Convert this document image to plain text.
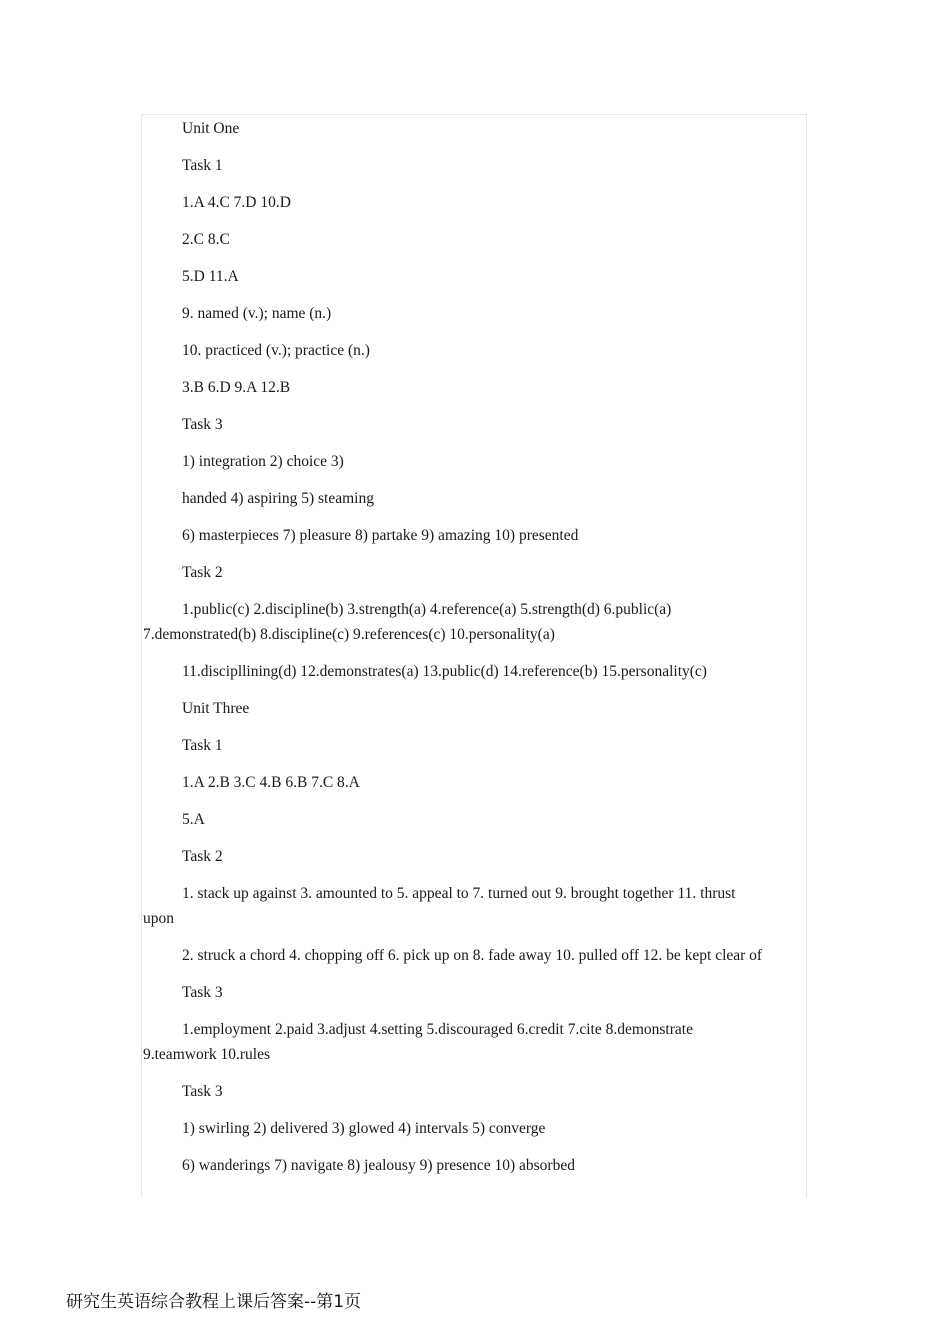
Unit One

Task 1

1.A 4.C 7.D 10.D

2.C 8.C

5.D 11.A

9. named (v.); name (n.)

10. practiced (v.); practice (n.)

3.B 6.D 9.A 12.B

Task 3

1) integration 2) choice 3)

handed 4) aspiring 5) steaming

6) masterpieces 7) pleasure 8) partake 9) amazing 10) presented

Task 2

1.public(c) 2.discipline(b) 3.strength(a) 4.reference(a) 5.strength(d) 6.public(a) 7.demonstrated(b) 8.discipline(c) 9.references(c) 10.personality(a)

11.discipllining(d) 12.demonstrates(a) 13.public(d) 14.reference(b) 15.personality(c)

Unit Three

Task 1

1.A 2.B 3.C 4.B 6.B 7.C 8.A

5.A

Task 2

1. stack up against 3. amounted to 5. appeal to 7. turned out 9. brought together 11. thrust upon

2. struck a chord 4. chopping off 6. pick up on 8. fade away 10. pulled off 12. be kept clear of

Task 3

1.employment 2.paid 3.adjust 4.setting 5.discouraged 6.credit 7.cite 8.demonstrate 9.teamwork 10.rules

Task 3

1) swirling 2) delivered 3) glowed 4) intervals 5) converge

6) wanderings 7) navigate 8) jealousy 9) presence 10) absorbed

研究生英语综合教程上课后答案--第1页
